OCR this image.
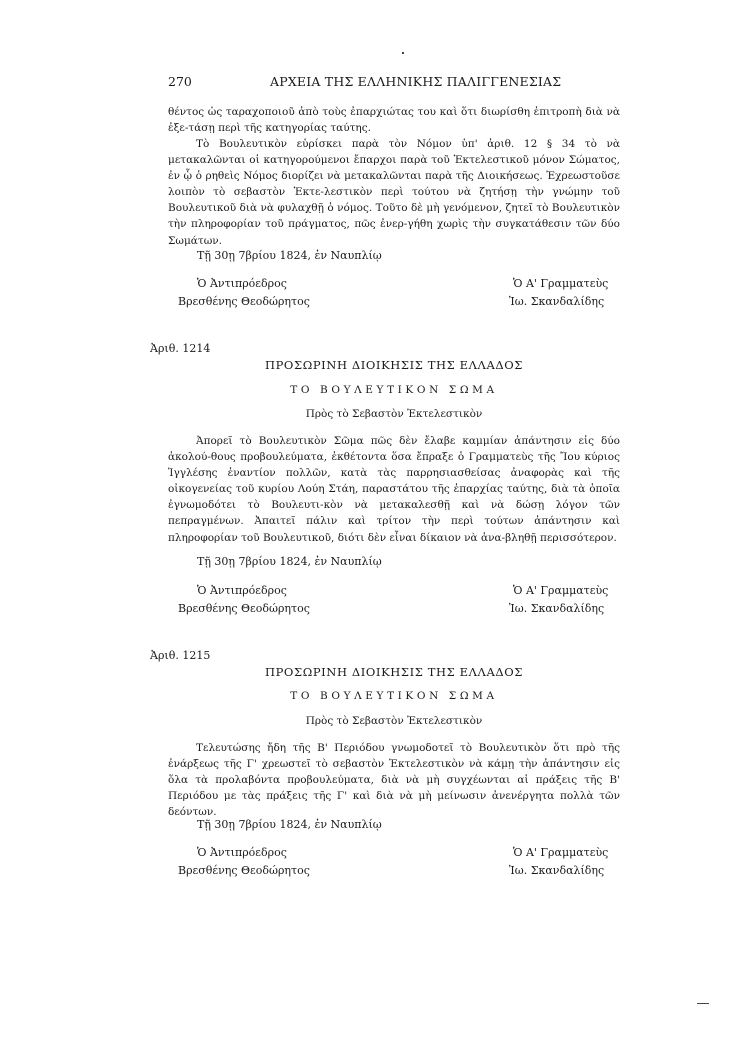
270	ΑΡΧΕΙΑ ΤΗΣ ΕΛΛΗΝΙΚΗΣ ΠΑΛΙΓΓΕΝΕΣΙΑΣ

θέντος ὡς ταραχοποιοῦ ἀπὸ τοὺς ἐπαρχιώτας του καὶ ὅτι διωρίσθη ἐπιτροπὴ διὰ νὰ ἐξε-τάσῃ περὶ τῆς κατηγορίας ταύτης.

Τὸ Βουλευτικὸν εὑρίσκει παρὰ τὸν Νόμον ὑπ' ἀριθ. 12 § 34 τὸ νὰ μετακαλῶνται οἱ κατηγορούμενοι ἔπαρχοι παρὰ τοῦ Ἐκτελεστικοῦ μόνον Σώματος, ἐν ᾧ ὁ ρηθεὶς Νόμος διορίζει νὰ μετακαλῶνται παρὰ τῆς Διοικήσεως. Ἐχρεωστοῦσε λοιπὸν τὸ σεβαστὸν Ἐκτε-λεστικὸν περὶ τούτου νὰ ζητήσῃ τὴν γνώμην τοῦ Βουλευτικοῦ διὰ νὰ φυλαχθῇ ὁ νόμος. Τοῦτο δὲ μὴ γενόμενον, ζητεῖ τὸ Βουλευτικὸν τὴν πληροφορίαν τοῦ πράγματος, πῶς ἐνερ-γήθη χωρὶς τὴν συγκατάθεσιν τῶν δύο Σωμάτων.

Τῇ 30ῃ 7βρίου 1824, ἐν Ναυπλίῳ
Ὁ Ἀντιπρόεδρος
Βρεσθένης Θεοδώρητος
Ὁ Α' Γραμματεὺς
Ἰω. Σκανδαλίδης
Ἀριθ. 1214
ΠΡΟΣΩΡΙΝΗ ΔΙΟΙΚΗΣΙΣ ΤΗΣ ΕΛΛΑΔΟΣ
ΤΟ ΒΟΥΛΕΥΤΙΚΟΝ ΣΩΜΑ
Πρὸς τὸ Σεβαστὸν Ἐκτελεστικὸν

Ἀπορεῖ τὸ Βουλευτικὸν Σῶμα πῶς δὲν ἔλαβε καμμίαν ἀπάντησιν εἰς δύο ἀκολού-θους προβουλεύματα, ἐκθέτοντα ὅσα ἔπραξε ὁ Γραμματεὺς τῆς Ἴου κύριος Ἰγγλέσης ἐναντίον πολλῶν, κατὰ τὰς παρρησιασθείσας ἀναφορὰς καὶ τῆς οἰκογενείας τοῦ κυρίου Λούη Στάη, παραστάτου τῆς ἐπαρχίας ταύτης, διὰ τὰ ὁποῖα ἐγνωμοδότει τὸ Βουλευτι-κὸν νὰ μετακαλεσθῇ καὶ νὰ δώσῃ λόγον τῶν πεπραγμένων. Ἀπαιτεῖ πάλιν καὶ τρίτον τὴν περὶ τούτων ἀπάντησιν καὶ πληροφορίαν τοῦ Βουλευτικοῦ, διότι δὲν εἶναι δίκαιον νὰ ἀνα-βληθῇ περισσότερον.

Τῇ 30ῃ 7βρίου 1824, ἐν Ναυπλίῳ
Ὁ Ἀντιπρόεδρος
Βρεσθένης Θεοδώρητος
Ὁ Α' Γραμματεὺς
Ἰω. Σκανδαλίδης
Ἀριθ. 1215
ΠΡΟΣΩΡΙΝΗ ΔΙΟΙΚΗΣΙΣ ΤΗΣ ΕΛΛΑΔΟΣ
ΤΟ ΒΟΥΛΕΥΤΙΚΟΝ ΣΩΜΑ
Πρὸς τὸ Σεβαστὸν Ἐκτελεστικὸν

Τελευτώσης ἤδη τῆς Β' Περιόδου γνωμοδοτεῖ τὸ Βουλευτικὸν ὅτι πρὸ τῆς ἐνάρξεως τῆς Γ' χρεωστεῖ τὸ σεβαστὸν Ἐκτελεστικὸν νὰ κάμῃ τὴν ἀπάντησιν εἰς ὅλα τὰ προλαβόντα προβουλεύματα, διὰ νὰ μὴ συγχέωνται αἱ πράξεις τῆς Β' Περιόδου με τὰς πράξεις τῆς Γ' καὶ διὰ νὰ μὴ μείνωσιν ἀνενέργητα πολλὰ τῶν δεόντων.

Τῇ 30ῃ 7βρίου 1824, ἐν Ναυπλίῳ
Ὁ Ἀντιπρόεδρος
Βρεσθένης Θεοδώρητος
Ὁ Α' Γραμματεὺς
Ἰω. Σκανδαλίδης
